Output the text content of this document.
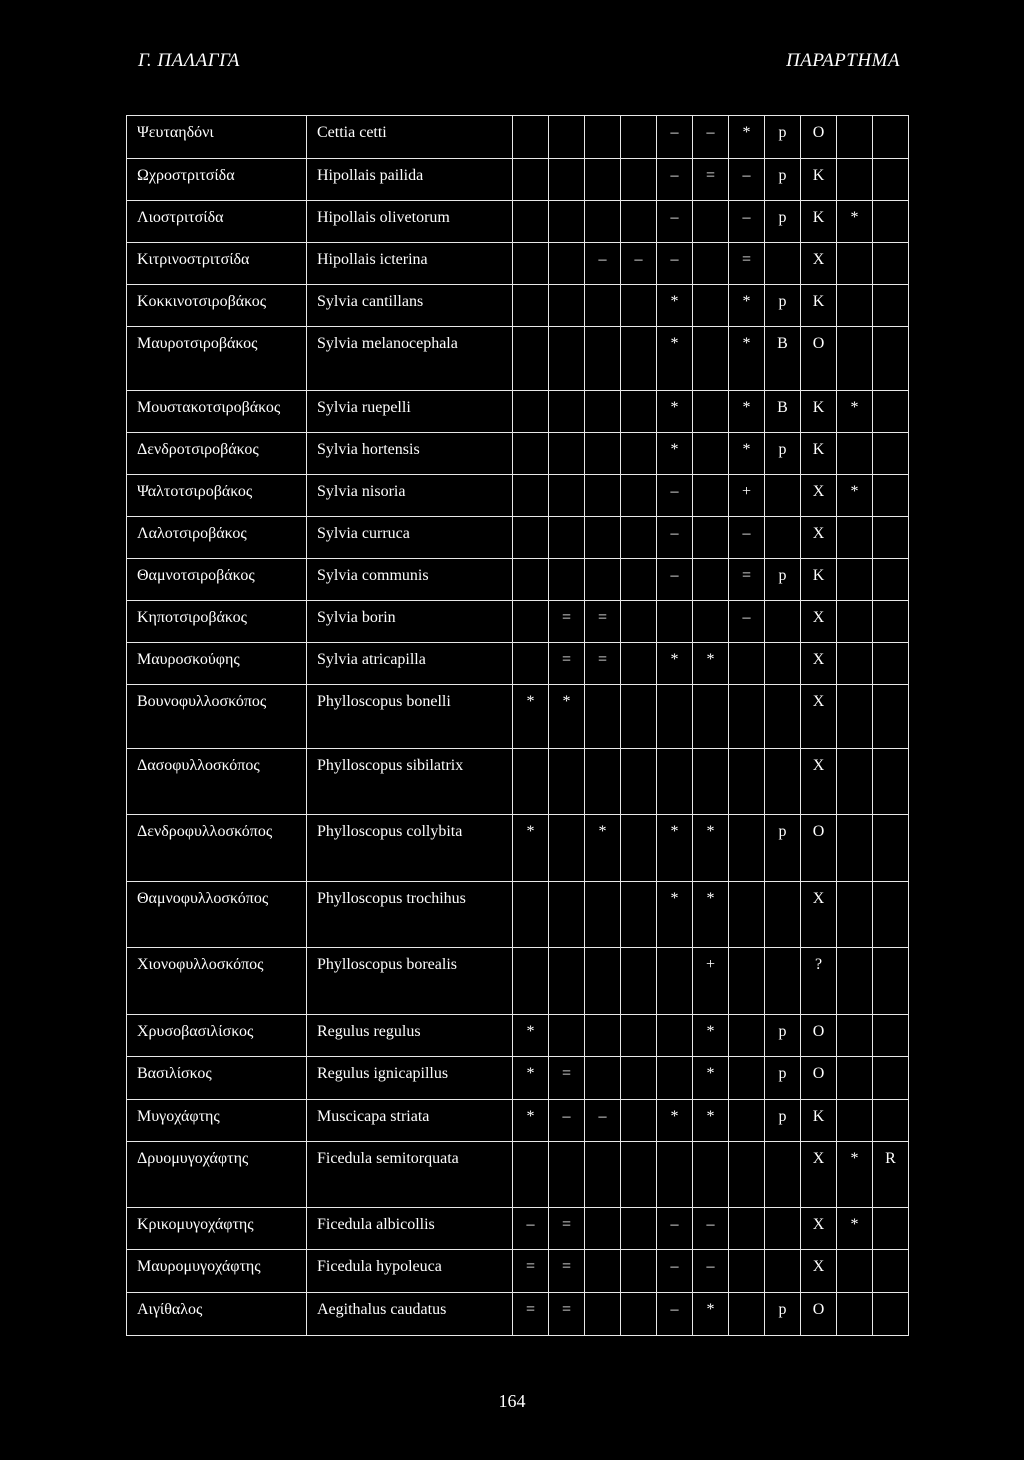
Γ. ΠΑΛΑΓΓΑ	ΠΑΡΑΡΤΗΜΑ
Ψευταηδόνι	Cettia cetti					–	–	*	p	O		
Ωχροστριτσίδα	Hipollais pailida					–	=	–	p	K		
Λιοστριτσίδα	Hipollais olivetorum					–		–	p	K	*	
Κιτρινοστριτσίδα	Hipollais icterina			–	–	–		=		X		
Κοκκινοτσιροβάκος	Sylvia cantillans					*		*	p	K		
Μαυροτσιροβάκος	Sylvia melanocephala					*		*	B	O		
Μουστακοτσιροβάκος	Sylvia ruepelli					*		*	B	K	*	
Δενδροτσιροβάκος	Sylvia hortensis					*		*	p	K		
Ψαλτοτσιροβάκος	Sylvia nisoria					–		+		X	*	
Λαλοτσιροβάκος	Sylvia curruca					–		–		X		
Θαμνοτσιροβάκος	Sylvia communis					–		=	p	K		
Κηποτσιροβάκος	Sylvia borin		=	=				–		X		
Μαυροσκούφης	Sylvia atricapilla		=	=		*	*			X		
Βουνοφυλλοσκόπος	Phylloscopus bonelli	*	*							X		
Δασοφυλλοσκόπος	Phylloscopus sibilatrix									X		
Δενδροφυλλοσκόπος	Phylloscopus collybita	*		*		*	*		p	O		
Θαμνοφυλλοσκόπος	Phylloscopus trochihus					*	*			X		
Χιονοφυλλοσκόπος	Phylloscopus borealis						+			?		
Χρυσοβασιλίσκος	Regulus regulus	*					*		p	O		
Βασιλίσκος	Regulus ignicapillus	*	=				*		p	O		
Μυγοχάφτης	Muscicapa striata	*	–	–		*	*		p	K		
Δρυομυγοχάφτης	Ficedula semitorquata									X	*	R
Κρικομυγοχάφτης	Ficedula albicollis	–	=			–	–			X	*	
Μαυρομυγοχάφτης	Ficedula hypoleuca	=	=			–	–			X		
Αιγίθαλος	Aegithalus caudatus	=	=			–	*		p	O		
164
